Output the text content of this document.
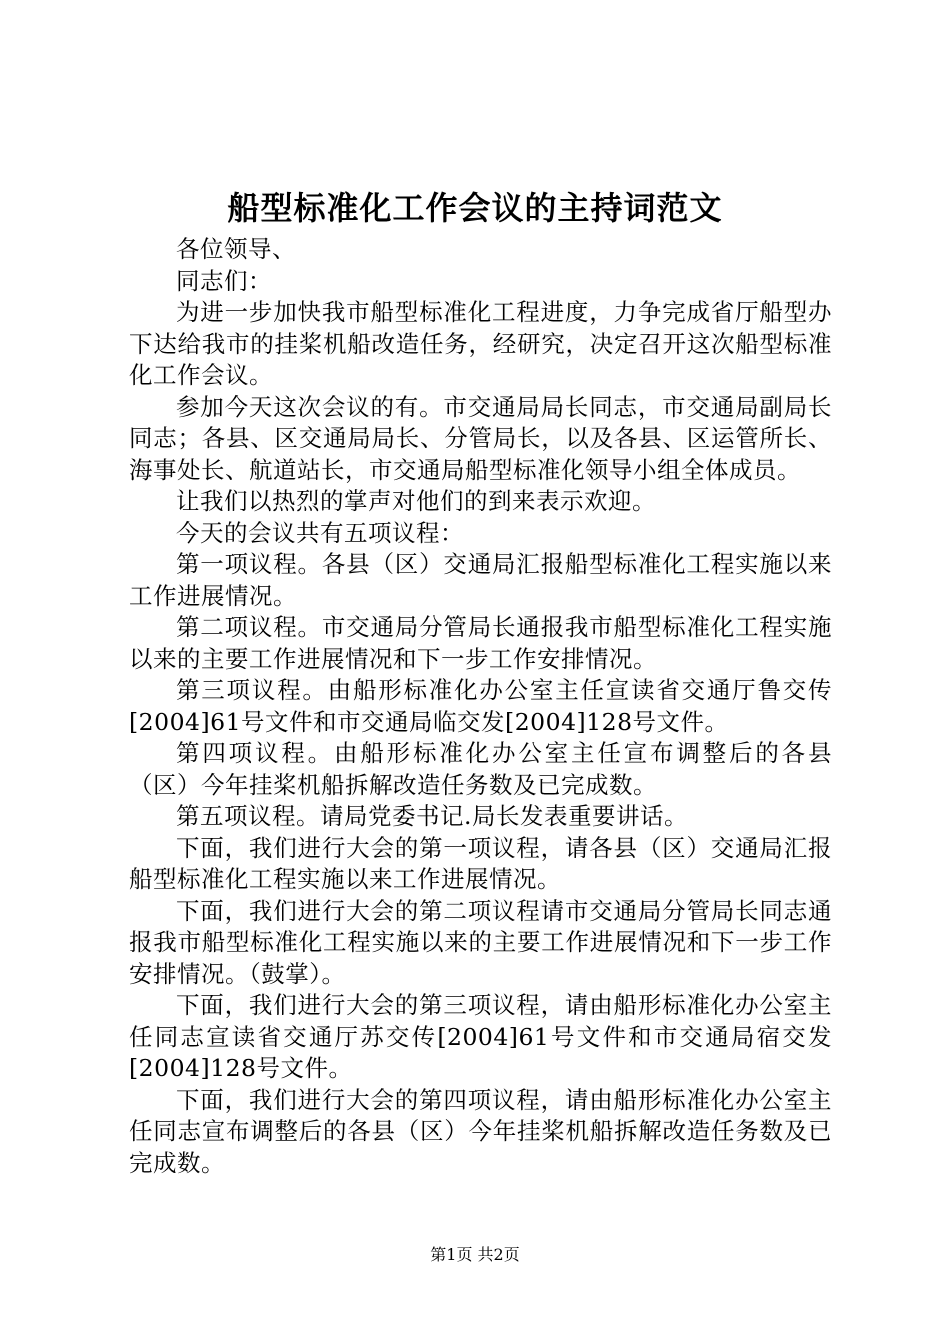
船型标准化工作会议的主持词范文

各位领导、

同志们：

为进一步加快我市船型标准化工程进度，力争完成省厅船型办下达给我市的挂桨机船改造任务，经研究，决定召开这次船型标准化工作会议。

参加今天这次会议的有。市交通局局长同志，市交通局副局长同志；各县、区交通局局长、分管局长，以及各县、区运管所长、海事处长、航道站长，市交通局船型标准化领导小组全体成员。

让我们以热烈的掌声对他们的到来表示欢迎。

今天的会议共有五项议程：

第一项议程。各县（区）交通局汇报船型标准化工程实施以来工作进展情况。

第二项议程。市交通局分管局长通报我市船型标准化工程实施以来的主要工作进展情况和下一步工作安排情况。

第三项议程。由船形标准化办公室主任宣读省交通厅鲁交传[2004]61号文件和市交通局临交发[2004]128号文件。

第四项议程。由船形标准化办公室主任宣布调整后的各县（区）今年挂桨机船拆解改造任务数及已完成数。

第五项议程。请局党委书记.局长发表重要讲话。

下面，我们进行大会的第一项议程，请各县（区）交通局汇报船型标准化工程实施以来工作进展情况。

下面，我们进行大会的第二项议程请市交通局分管局长同志通报我市船型标准化工程实施以来的主要工作进展情况和下一步工作安排情况。（鼓掌）。

下面，我们进行大会的第三项议程，请由船形标准化办公室主任同志宣读省交通厅苏交传[2004]61号文件和市交通局宿交发[2004]128号文件。

下面，我们进行大会的第四项议程，请由船形标准化办公室主任同志宣布调整后的各县（区）今年挂桨机船拆解改造任务数及已完成数。

第1页 共2页
